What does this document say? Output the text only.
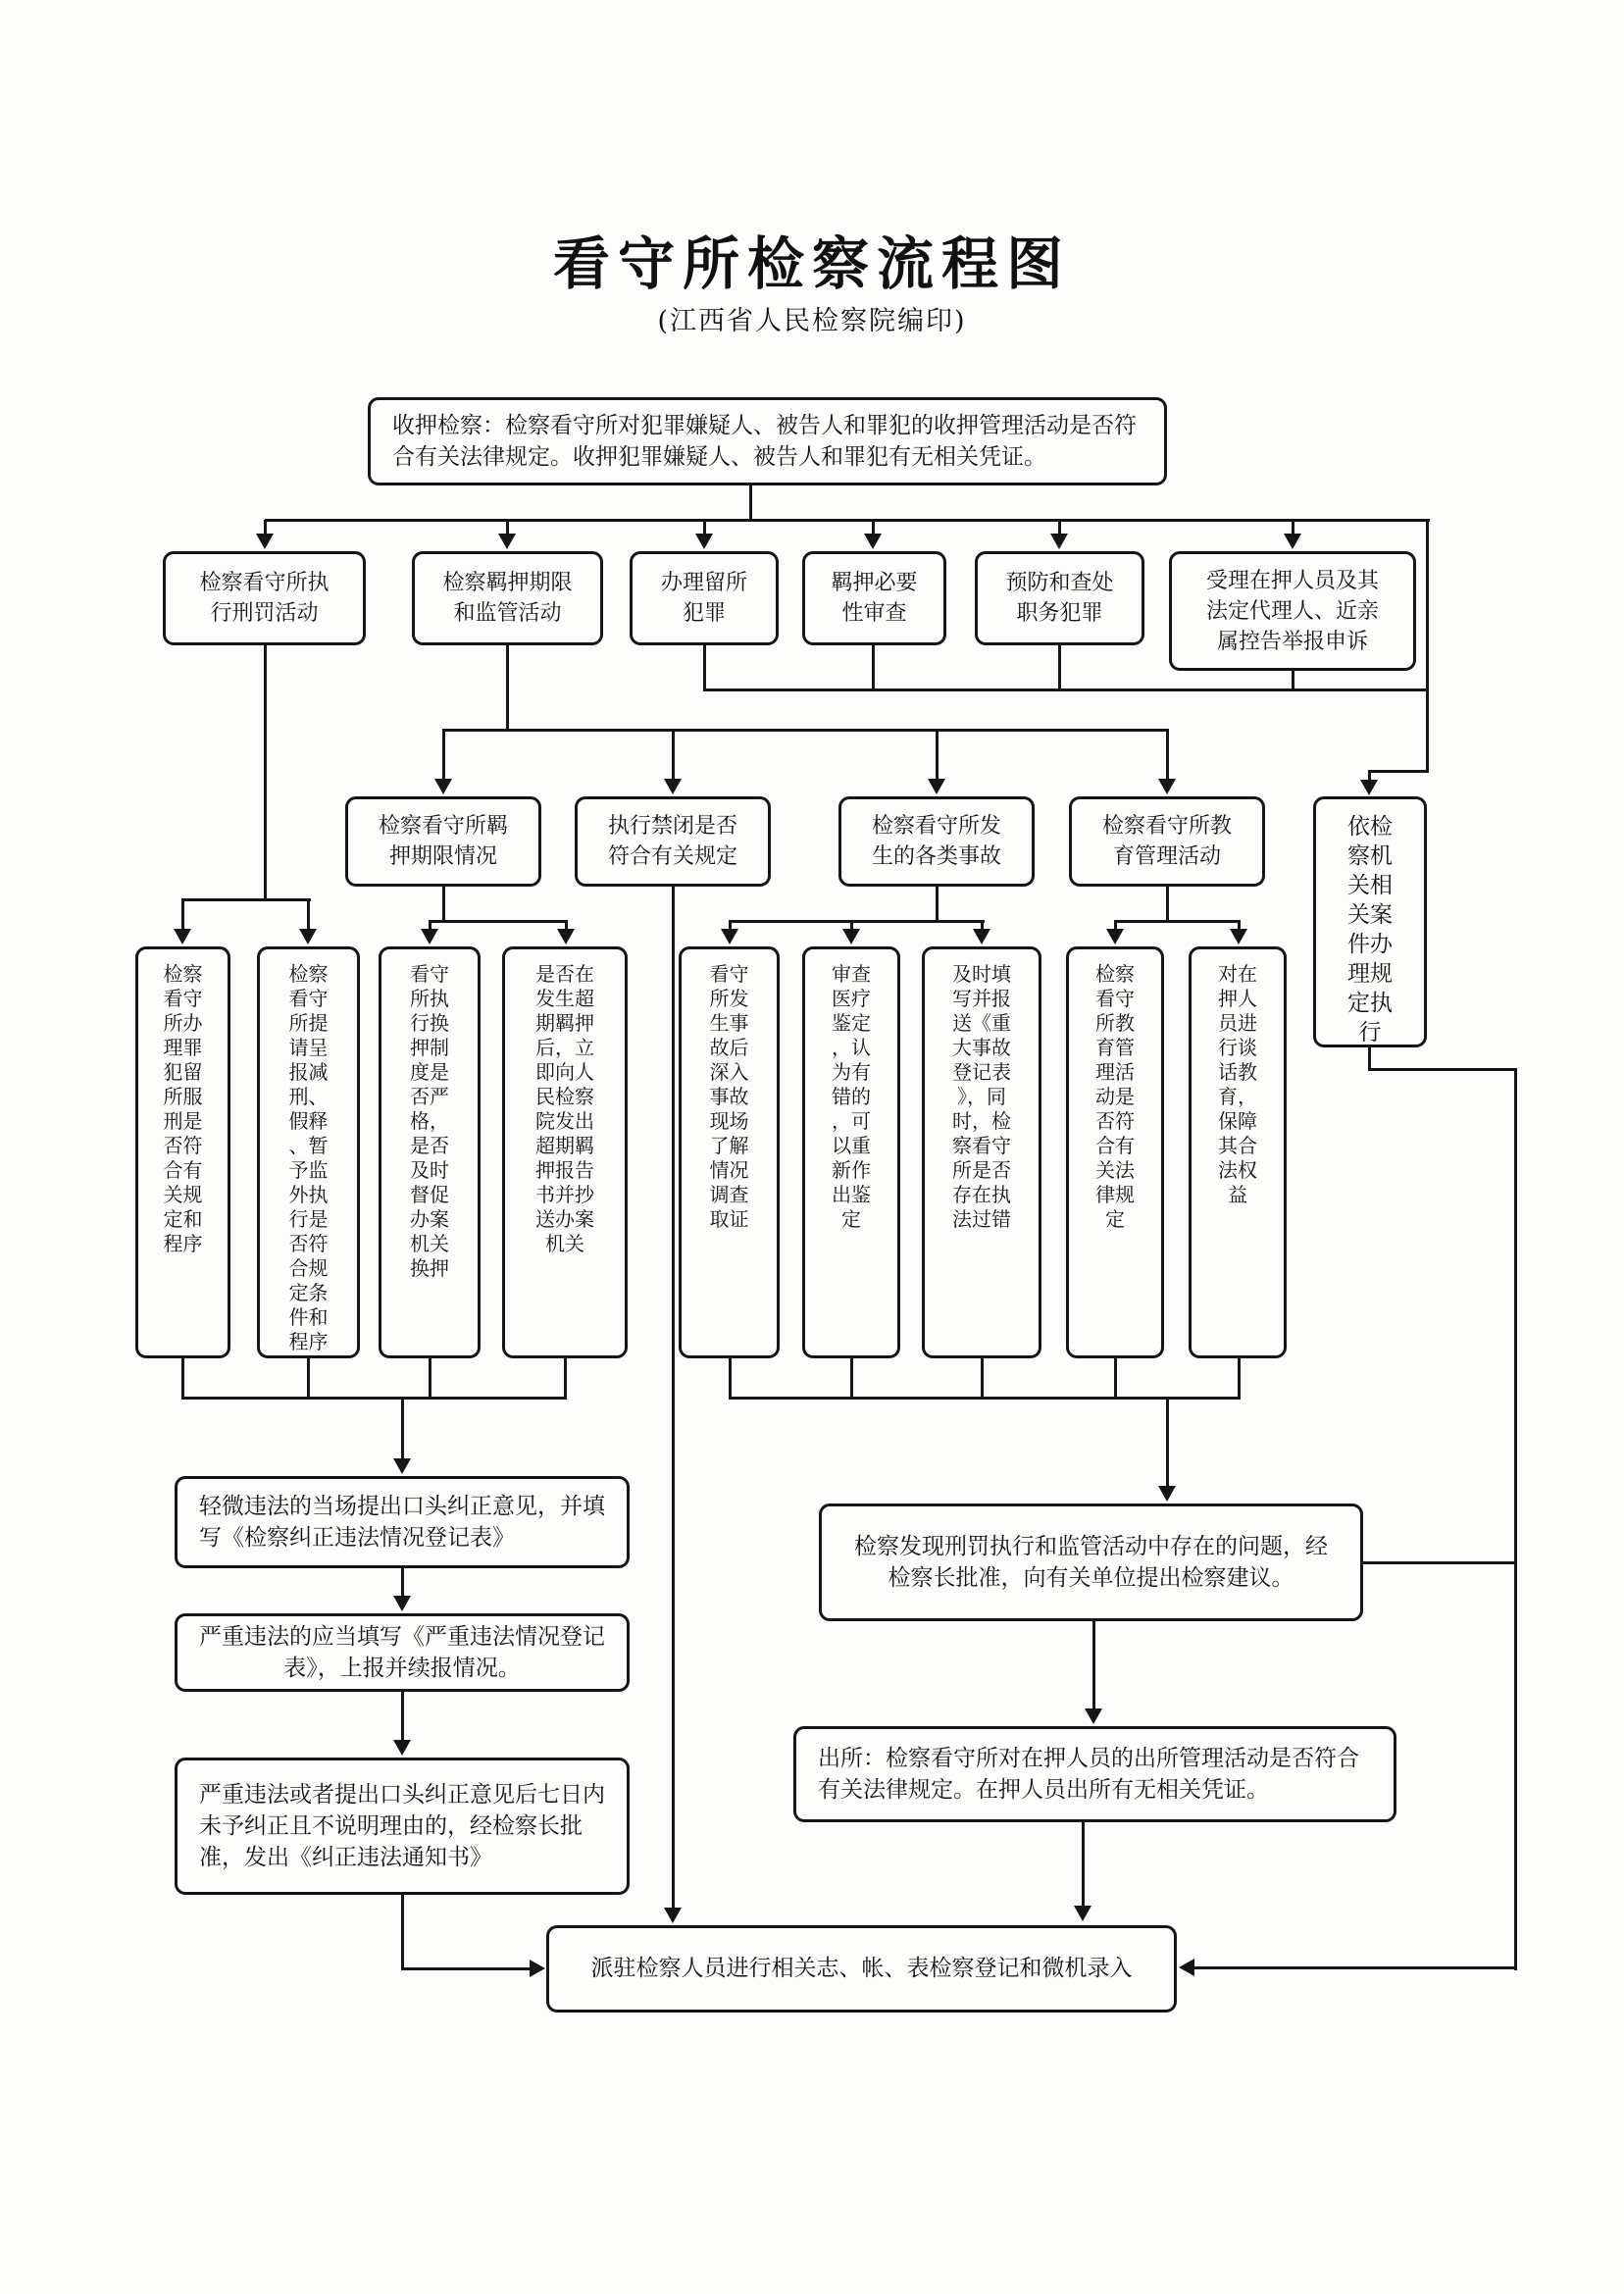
看守所检察流程图
(江西省人民检察院编印)
收押检察：检察看守所对犯罪嫌疑人、被告人和罪犯的收押管理活动是否符合有关法律规定。收押犯罪嫌疑人、被告人和罪犯有无相关凭证。
检察看守所执行刑罚活动
检察羁押期限和监管活动
办理留所犯罪
羁押必要性审查
预防和查处职务犯罪
受理在押人员及其法定代理人、近亲属控告举报申诉
检察看守所羁押期限情况
执行禁闭是否符合有关规定
检察看守所发生的各类事故
检察看守所教育管理活动
依检察机关相关案件办理规定执行
检察看守所办理罪犯留所服刑是否符合有关规定和程序
检察看守所提请呈报减刑、假释、暂予监外执行是否符合规定条件和程序
看守所执行换押制度是否严格，是否及时督促办案机关换押
是否在发生超期羁押后，立即向人民检察院发出超期羁押报告书并抄送办案机关
看守所发生事故后深入事故现场了解情况调查取证
审查医疗鉴定，认为有错的，可以重新作出鉴定
及时填写并报送《重大事故登记表》，同时，检察看守所是否存在执法过错
检察看守所教育管理活动是否符合有关法律规定
对在押人员进行谈话教育，保障其合法权益
轻微违法的当场提出口头纠正意见，并填写《检察纠正违法情况登记表》
严重违法的应当填写《严重违法情况登记表》，上报并续报情况。
严重违法或者提出口头纠正意见后七日内未予纠正且不说明理由的，经检察长批准，发出《纠正违法通知书》
检察发现刑罚执行和监管活动中存在的问题，经检察长批准，向有关单位提出检察建议。
出所：检察看守所对在押人员的出所管理活动是否符合有关法律规定。在押人员出所有无相关凭证。
派驻检察人员进行相关志、帐、表检察登记和微机录入
